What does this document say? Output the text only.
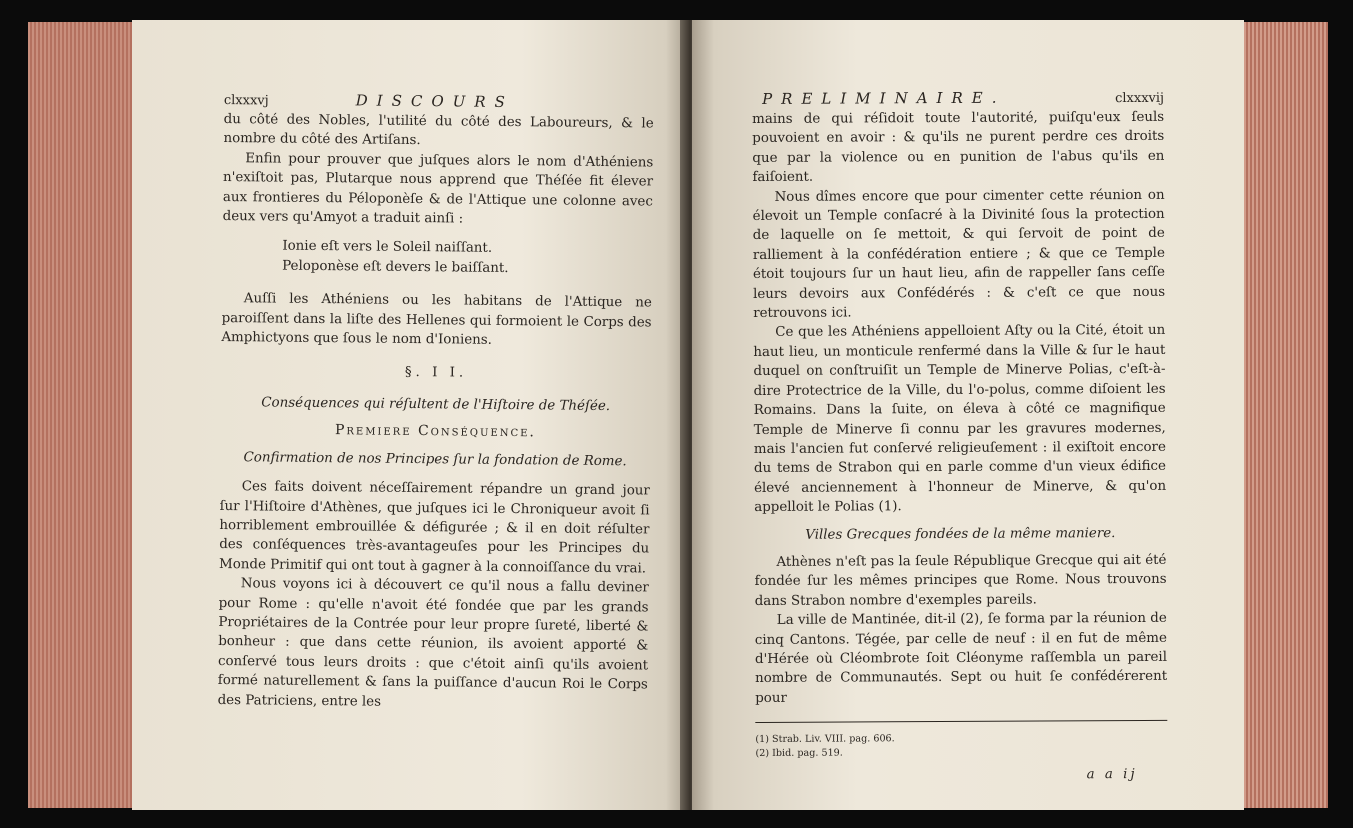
clxxxvj	DISCOURS

du côté des Nobles, l'utilité du côté des Laboureurs, & le nombre du côté des Artiſans.

Enfin pour prouver que juſques alors le nom d'Athéniens n'exiſtoit pas, Plutarque nous apprend que Théſée fit élever aux frontieres du Péloponèſe & de l'Attique une colonne avec deux vers qu'Amyot a traduit ainſi :

Ionie eſt vers le Soleil naiſſant.

Peloponèse eſt devers le baiſſant.

Auſſi les Athéniens ou les habitans de l'Attique ne paroiſſent dans la liſte des Hellenes qui formoient le Corps des Amphictyons que ſous le nom d'Ioniens.

§. I I.

Conséquences qui réſultent de l'Hiſtoire de Théſée.

Premiere Conséquence.

Confirmation de nos Principes ſur la fondation de Rome.

Ces faits doivent néceſſairement répandre un grand jour ſur l'Hiſtoire d'Athènes, que juſques ici le Chroniqueur avoit ſi horriblement embrouillée & défigurée ; & il en doit réſulter des conſéquences très-avantageuſes pour les Principes du Monde Primitif qui ont tout à gagner à la connoiſſance du vrai.

Nous voyons ici à découvert ce qu'il nous a fallu deviner pour Rome : qu'elle n'avoit été fondée que par les grands Propriétaires de la Contrée pour leur propre ſureté, liberté & bonheur : que dans cette réunion, ils avoient apporté & conſervé tous leurs droits : que c'étoit ainſi qu'ils avoient formé naturellement & ſans la puiſſance d'aucun Roi le Corps des Patriciens, entre les

PRELIMINAIRE.	clxxxvij

mains de qui réſidoit toute l'autorité, puiſqu'eux ſeuls pouvoient en avoir : & qu'ils ne purent perdre ces droits que par la violence ou en punition de l'abus qu'ils en faiſoient.

Nous dîmes encore que pour cimenter cette réunion on élevoit un Temple conſacré à la Divinité ſous la protection de laquelle on ſe mettoit, & qui ſervoit de point de ralliement à la confédération entiere ; & que ce Temple étoit toujours ſur un haut lieu, afin de rappeller ſans ceſſe leurs devoirs aux Confédérés : & c'eſt ce que nous retrouvons ici.

Ce que les Athéniens appelloient Aſty ou la Cité, étoit un haut lieu, un monticule renfermé dans la Ville & ſur le haut duquel on conſtruiſit un Temple de Minerve Polias, c'eſt-à-dire Protectrice de la Ville, du l'o-polus, comme diſoient les Romains. Dans la ſuite, on éleva à côté ce magnifique Temple de Minerve ſi connu par les gravures modernes, mais l'ancien fut conſervé religieuſement : il exiſtoit encore du tems de Strabon qui en parle comme d'un vieux édifice élevé anciennement à l'honneur de Minerve, & qu'on appelloit le Polias (1).

Villes Grecques fondées de la même maniere.

Athènes n'eſt pas la ſeule République Grecque qui ait été fondée ſur les mêmes principes que Rome. Nous trouvons dans Strabon nombre d'exemples pareils.

La ville de Mantinée, dit-il (2), ſe forma par la réunion de cinq Cantons. Tégée, par celle de neuf : il en fut de même d'Hérée où Cléombrote ſoit Cléonyme raſſembla un pareil nombre de Communautés. Sept ou huit ſe confédérerent pour

(1) Strab. Liv. VIII. pag. 606.

(2) Ibid. pag. 519.

a a ij
